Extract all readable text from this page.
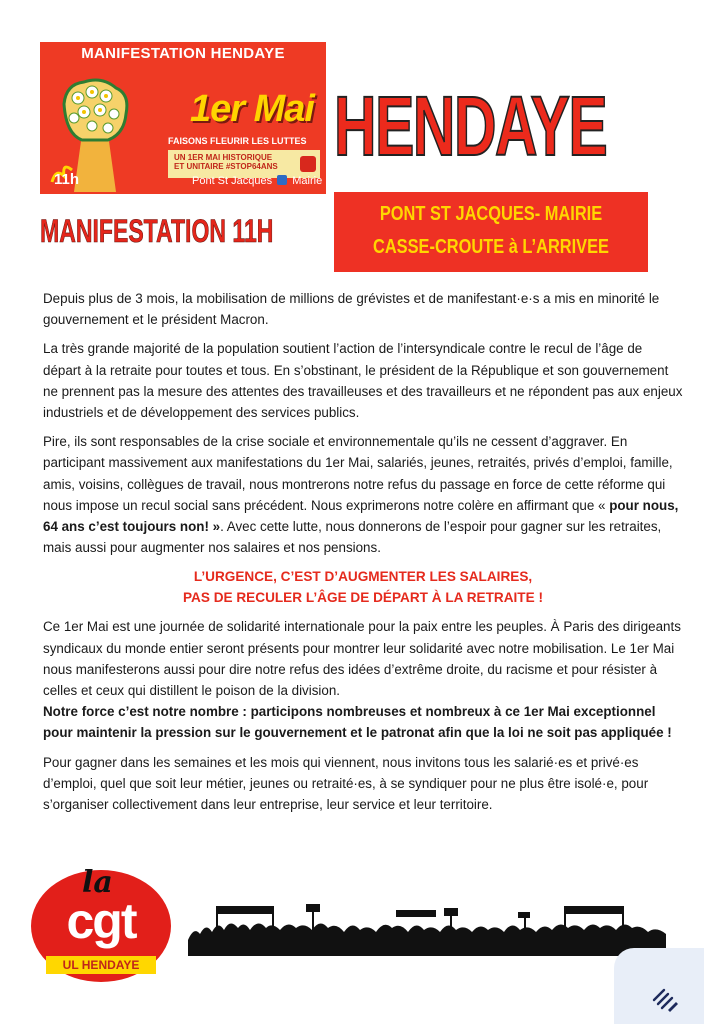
MANIFESTATION HENDAYE
1er Mai
FAISONS FLEURIR LES LUTTES
UN 1ER MAI HISTORIQUE
ET UNITAIRE #STOP64ANS
11h	Pont St Jacques Mairie
HENDAYE
MANIFESTATION 11H	PONT ST JACQUES- MAIRIE
CASSE-CROUTE à L’ARRIVEE

Depuis plus de 3 mois, la mobilisation de millions de grévistes et de manifestant·e·s a mis en minorité le gouvernement et le président Macron.

La très grande majorité de la population soutient l’action de l’intersyndicale contre le recul de l’âge de départ à la retraite pour toutes et tous. En s’obstinant, le président de la République et son gouvernement ne prennent pas la mesure des attentes des travailleuses et des travailleurs et ne répondent pas aux enjeux industriels et de développement des services publics.

Pire, ils sont responsables de la crise sociale et environnementale qu’ils ne cessent d’aggraver. En participant massivement aux manifestations du 1er Mai, salariés, jeunes, retraités, privés d’emploi, famille, amis, voisins, collègues de travail, nous montrerons notre refus du passage en force de cette réforme qui nous impose un recul social sans précédent. Nous exprimerons notre colère en affirmant que « pour nous, 64 ans c’est toujours non! ». Avec cette lutte, nous donnerons de l’espoir pour gagner sur les retraites, mais aussi pour augmenter nos salaires et nos pensions.

L’URGENCE, C’EST D’AUGMENTER LES SALAIRES,
PAS DE RECULER L’ÂGE DE DÉPART À LA RETRAITE !

Ce 1er Mai est une journée de solidarité internationale pour la paix entre les peuples. À Paris des dirigeants syndicaux du monde entier seront présents pour montrer leur solidarité avec notre mobilisation. Le 1er Mai nous manifesterons aussi pour dire notre refus des idées d’extrême droite, du racisme et pour résister à celles et ceux qui distillent le poison de la division.

Notre force c’est notre nombre : participons nombreuses et nombreux à ce 1er Mai exceptionnel pour maintenir la pression sur le gouvernement et le patronat afin que la loi ne soit pas appliquée !

Pour gagner dans les semaines et les mois qui viennent, nous invitons tous les salarié·es et privé·es d’emploi, quel que soit leur métier, jeunes ou retraité·es, à se syndiquer pour ne plus être isolé·e, pour s’organiser collectivement dans leur entreprise, leur service et leur territoire.

la
cgt
UL HENDAYE
